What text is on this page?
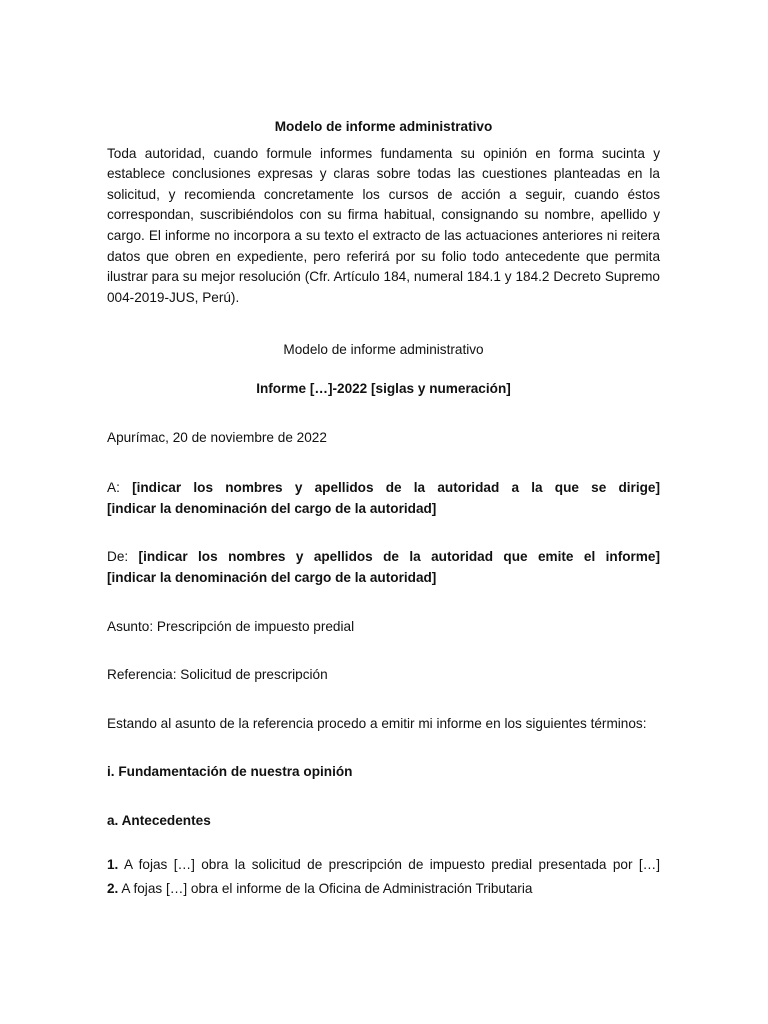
Modelo de informe administrativo

Toda autoridad, cuando formule informes fundamenta su opinión en forma sucinta y establece conclusiones expresas y claras sobre todas las cuestiones planteadas en la solicitud, y recomienda concretamente los cursos de acción a seguir, cuando éstos correspondan, suscribiéndolos con su firma habitual, consignando su nombre, apellido y cargo. El informe no incorpora a su texto el extracto de las actuaciones anteriores ni reitera datos que obren en expediente, pero referirá por su folio todo antecedente que permita ilustrar para su mejor resolución (Cfr. Artículo 184, numeral 184.1 y 184.2 Decreto Supremo 004-2019-JUS, Perú).

Modelo de informe administrativo

Informe […]-2022 [siglas y numeración]

Apurímac, 20 de noviembre de 2022

A: [indicar los nombres y apellidos de la autoridad a la que se dirige]
[indicar la denominación del cargo de la autoridad]
De: [indicar los nombres y apellidos de la autoridad que emite el informe]
[indicar la denominación del cargo de la autoridad]

Asunto: Prescripción de impuesto predial

Referencia: Solicitud de prescripción

Estando al asunto de la referencia procedo a emitir mi informe en los siguientes términos:

i. Fundamentación de nuestra opinión

a. Antecedentes

1. A fojas […] obra la solicitud de prescripción de impuesto predial presentada por […]
2. A fojas […] obra el informe de la Oficina de Administración Tributaria
